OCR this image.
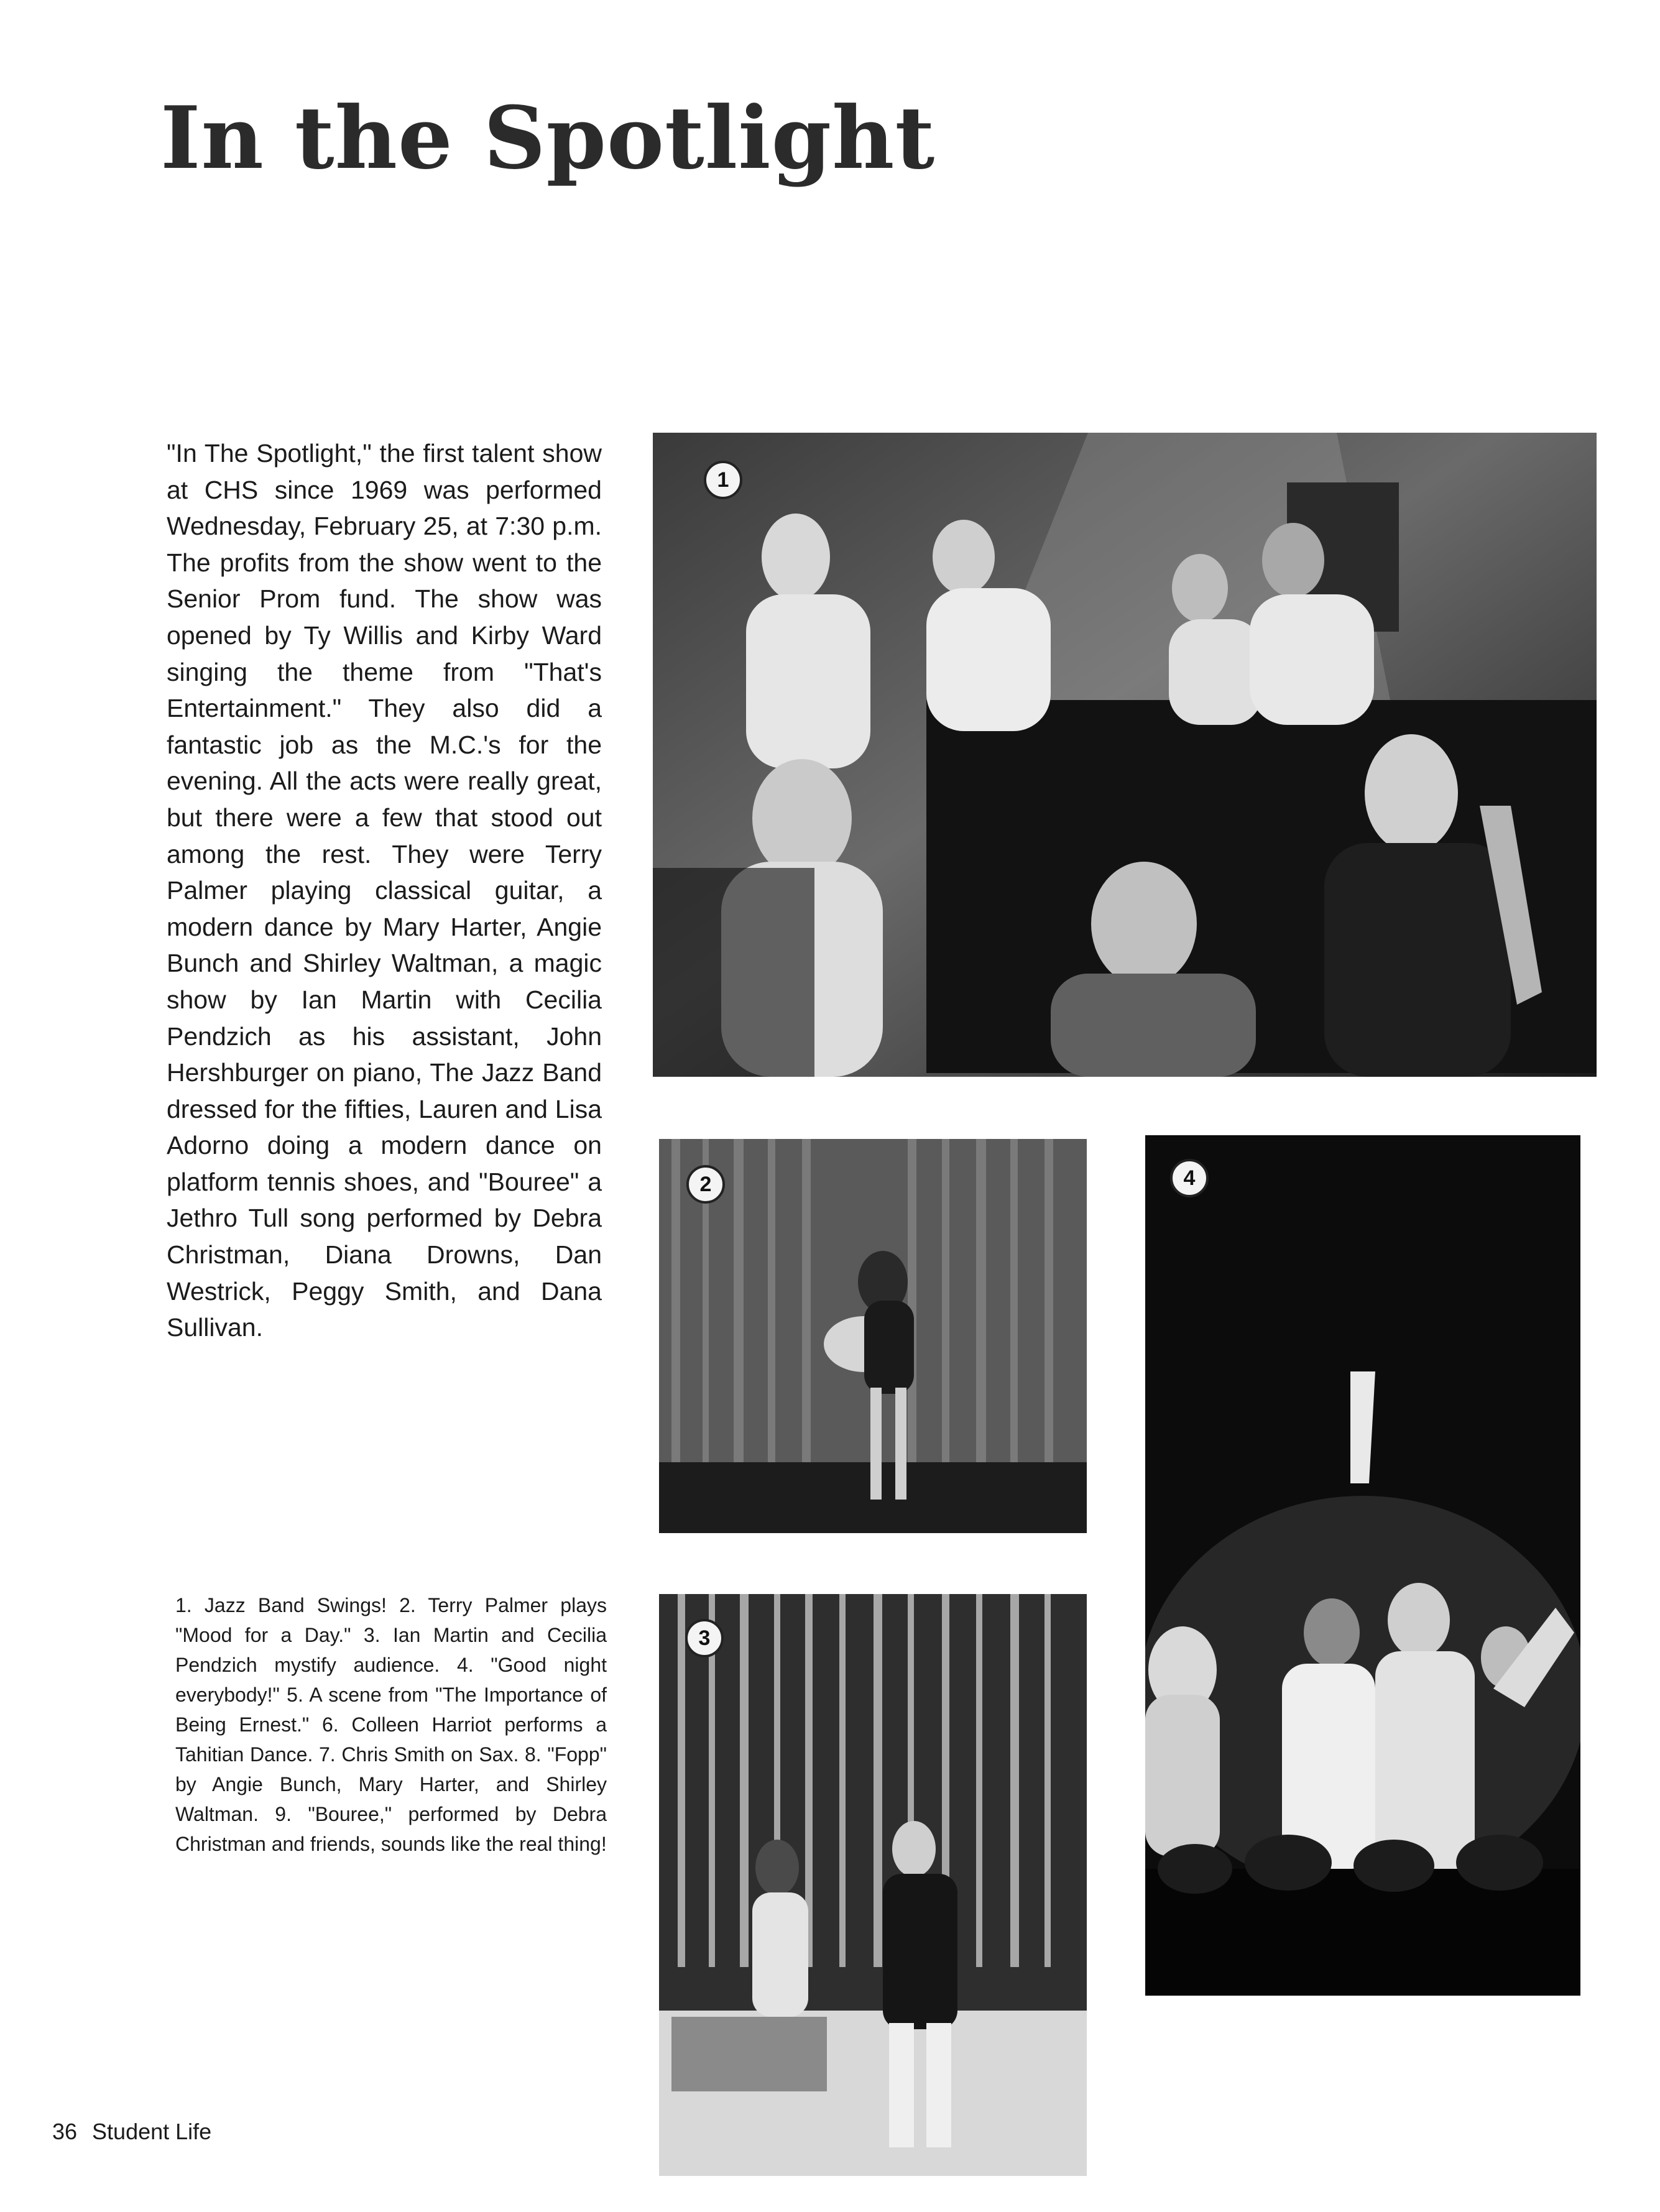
In the Spotlight
"In The Spotlight," the first talent show at CHS since 1969 was performed Wednesday, February 25, at 7:30 p.m. The profits from the show went to the Senior Prom fund. The show was opened by Ty Willis and Kirby Ward singing the theme from "That's Entertainment." They also did a fantastic job as the M.C.'s for the evening. All the acts were really great, but there were a few that stood out among the rest. They were Terry Palmer playing classical guitar, a modern dance by Mary Harter, Angie Bunch and Shirley Waltman, a magic show by Ian Martin with Cecilia Pendzich as his assistant, John Hershburger on piano, The Jazz Band dressed for the fifties, Lauren and Lisa Adorno doing a modern dance on platform tennis shoes, and "Bouree" a Jethro Tull song performed by Debra Christman, Diana Drowns, Dan Westrick, Peggy Smith, and Dana Sullivan.
1
2
3
4
1. Jazz Band Swings! 2. Terry Palmer plays "Mood for a Day." 3. Ian Martin and Cecilia Pendzich mystify audience. 4. "Good night everybody!" 5. A scene from "The Importance of Being Ernest." 6. Colleen Harriot performs a Tahitian Dance. 7. Chris Smith on Sax. 8. "Fopp" by Angie Bunch, Mary Harter, and Shirley Waltman. 9. "Bouree," performed by Debra Christman and friends, sounds like the real thing!
36 Student Life
